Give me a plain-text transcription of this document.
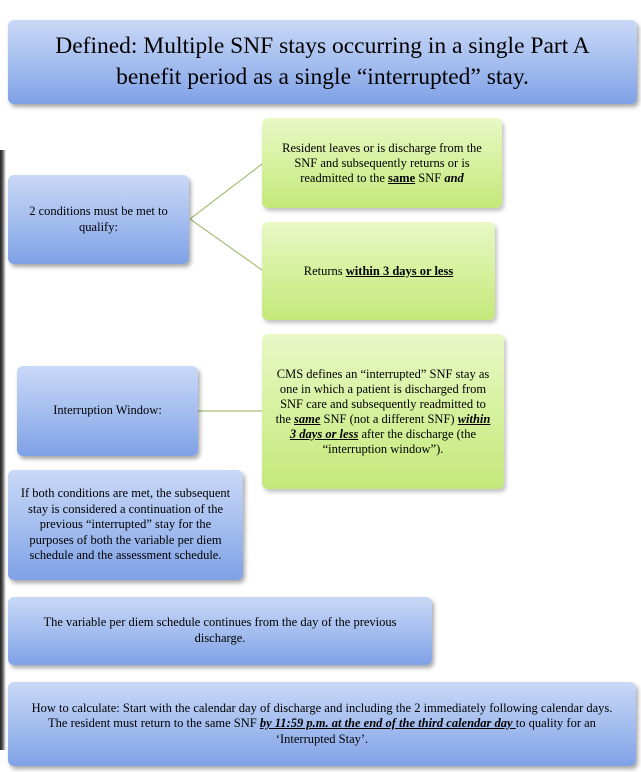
Defined: Multiple SNF stays occurring in a single Part A benefit period as a single “interrupted” stay.
2 conditions must be met to qualify:
Resident leaves or is discharge from the SNF and subsequently returns or is readmitted to the same SNF and
Returns within 3 days or less
Interruption Window:
CMS defines an “interrupted” SNF stay as one in which a patient is discharged from SNF care and subsequently readmitted to the same SNF (not a different SNF) within 3 days or less after the discharge (the “interruption window”).
If both conditions are met, the subsequent stay is considered a continuation of the previous “interrupted” stay for the purposes of both the variable per diem schedule and the assessment schedule.
The variable per diem schedule continues from the day of the previous discharge.
How to calculate: Start with the calendar day of discharge and including the 2 immediately following calendar days. The resident must return to the same SNF by 11:59 p.m. at the end of the third calendar day to quality for an ‘Interrupted Stay’.
